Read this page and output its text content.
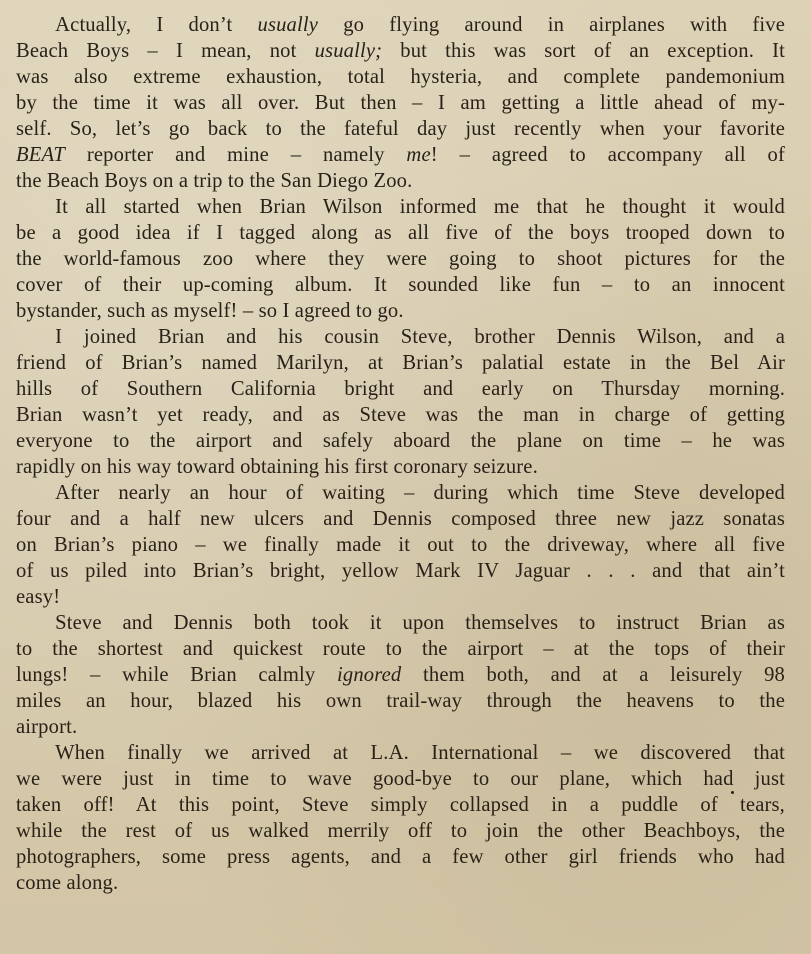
Actually, I don’t usually go flying around in airplanes with five
Beach Boys – I mean, not usually; but this was sort of an exception. It
was also extreme exhaustion, total hysteria, and complete pandemonium
by the time it was all over. But then – I am getting a little ahead of my-
self. So, let’s go back to the fateful day just recently when your favorite
BEAT reporter and mine – namely me! – agreed to accompany all of
the Beach Boys on a trip to the San Diego Zoo.
It all started when Brian Wilson informed me that he thought it would
be a good idea if I tagged along as all five of the boys trooped down to
the world-famous zoo where they were going to shoot pictures for the
cover of their up-coming album. It sounded like fun – to an innocent
bystander, such as myself! – so I agreed to go.
I joined Brian and his cousin Steve, brother Dennis Wilson, and a
friend of Brian’s named Marilyn, at Brian’s palatial estate in the Bel Air
hills of Southern California bright and early on Thursday morning.
Brian wasn’t yet ready, and as Steve was the man in charge of getting
everyone to the airport and safely aboard the plane on time – he was
rapidly on his way toward obtaining his first coronary seizure.
After nearly an hour of waiting – during which time Steve developed
four and a half new ulcers and Dennis composed three new jazz sonatas
on Brian’s piano – we finally made it out to the driveway, where all five
of us piled into Brian’s bright, yellow Mark IV Jaguar . . . and that ain’t
easy!
Steve and Dennis both took it upon themselves to instruct Brian as
to the shortest and quickest route to the airport – at the tops of their
lungs! – while Brian calmly ignored them both, and at a leisurely 98
miles an hour, blazed his own trail-way through the heavens to the
airport.
When finally we arrived at L.A. International – we discovered that
we were just in time to wave good-bye to our plane, which had just
taken off! At this point, Steve simply collapsed in a puddle of tears,
while the rest of us walked merrily off to join the other Beachboys, the
photographers, some press agents, and a few other girl friends who had
come along.
